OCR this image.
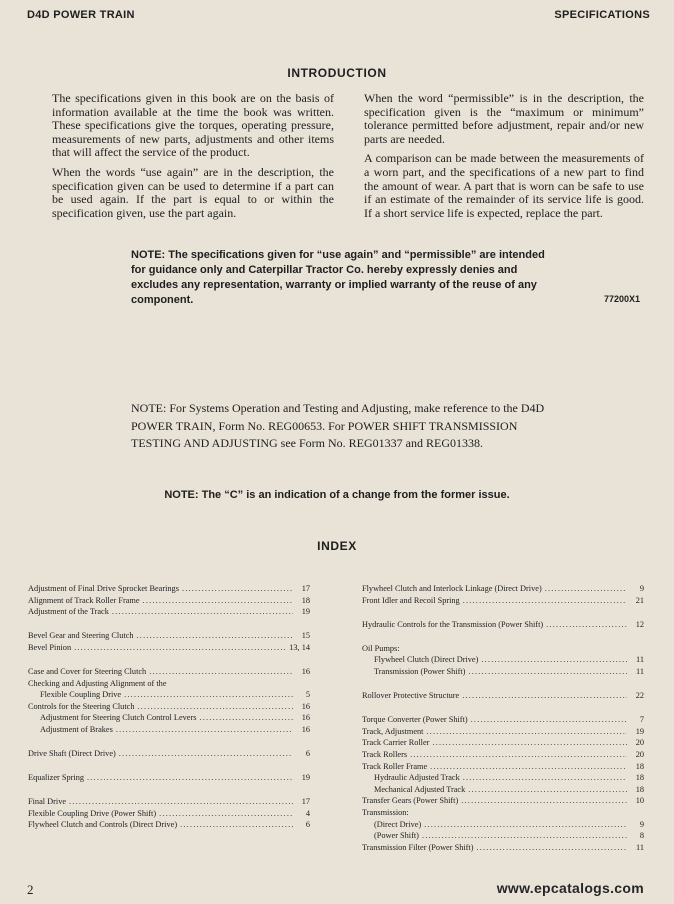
D4D POWER TRAIN	SPECIFICATIONS
INTRODUCTION

The specifications given in this book are on the basis of information available at the time the book was written. These specifications give the torques, operating pressure, measurements of new parts, adjustments and other items that will affect the service of the product.

When the words “use again” are in the description, the specification given can be used to determine if a part can be used again. If the part is equal to or within the specification given, use the part again.

When the word “permissible” is in the description, the specification given is the “maximum or minimum” tolerance permitted before adjustment, repair and/or new parts are needed.

A comparison can be made between the measurements of a worn part, and the specifications of a new part to find the amount of wear. A part that is worn can be safe to use if an estimate of the remainder of its service life is good. If a short service life is expected, replace the part.

NOTE: The specifications given for “use again” and “permissible” are intended for guidance only and Caterpillar Tractor Co. hereby expressly denies and excludes any representation, warranty or implied warranty of the reuse of any component.	77200X1
NOTE: For Systems Operation and Testing and Adjusting, make reference to the D4D POWER TRAIN, Form No. REG00653. For POWER SHIFT TRANSMISSION TESTING AND ADJUSTING see Form No. REG01337 and REG01338.
NOTE: The “C” is an indication of a change from the former issue.
INDEX
Adjustment of Final Drive Sprocket Bearings .....	17
Alignment of Track Roller Frame .....	18
Adjustment of the Track .....	19
Bevel Gear and Steering Clutch .....	15
Bevel Pinion .....	13, 14
Case and Cover for Steering Clutch .....	16
Checking and Adjusting Alignment of the
Flexible Coupling Drive .....	5
Controls for the Steering Clutch .....	16
Adjustment for Steering Clutch Control Levers .....	16
Adjustment of Brakes .....	16
Drive Shaft (Direct Drive) .....	6
Equalizer Spring .....	19
Final Drive .....	17
Flexible Coupling Drive (Power Shift) .....	4
Flywheel Clutch and Controls (Direct Drive) .....	6
Flywheel Clutch and Interlock Linkage (Direct Drive) .....	9
Front Idler and Recoil Spring .....	21
Hydraulic Controls for the Transmission (Power Shift) .....	12
Oil Pumps:
Flywheel Clutch (Direct Drive) .....	11
Transmission (Power Shift) .....	11
Rollover Protective Structure .....	22
Torque Converter (Power Shift) .....	7
Track, Adjustment .....	19
Track Carrier Roller .....	20
Track Rollers .....	20
Track Roller Frame .....	18
Hydraulic Adjusted Track .....	18
Mechanical Adjusted Track .....	18
Transfer Gears (Power Shift) .....	10
Transmission:
(Direct Drive) .....	9
(Power Shift) .....	8
Transmission Filter (Power Shift) .....	11
2	www.epcatalogs.com
